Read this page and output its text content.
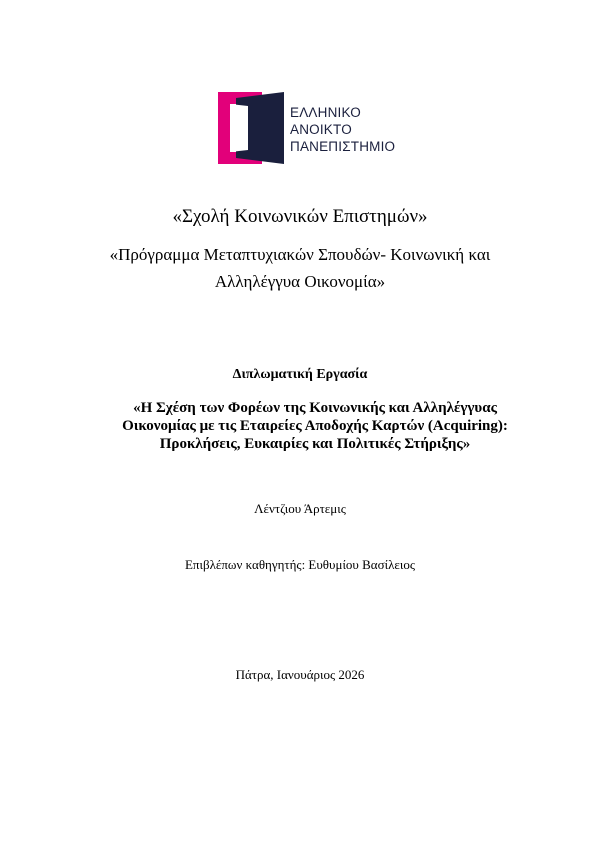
ΕΛΛΗΝΙΚΟ
ΑΝΟΙΚΤΟ
ΠΑΝΕΠΙΣΤΗΜΙΟ
«Σχολή Κοινωνικών Επιστημών»
«Πρόγραμμα Μεταπτυχιακών Σπουδών- Κοινωνική και
Αλληλέγγυα Οικονομία»
Διπλωματική Εργασία
«Η Σχέση των Φορέων της Κοινωνικής και Αλληλέγγυας Οικονομίας με τις Εταιρείες Αποδοχής Καρτών (Acquiring): Προκλήσεις, Ευκαιρίες και Πολιτικές Στήριξης»
Λέντζιου Άρτεμις
Επιβλέπων καθηγητής: Ευθυμίου Βασίλειος
Πάτρα, Ιανουάριος 2026
